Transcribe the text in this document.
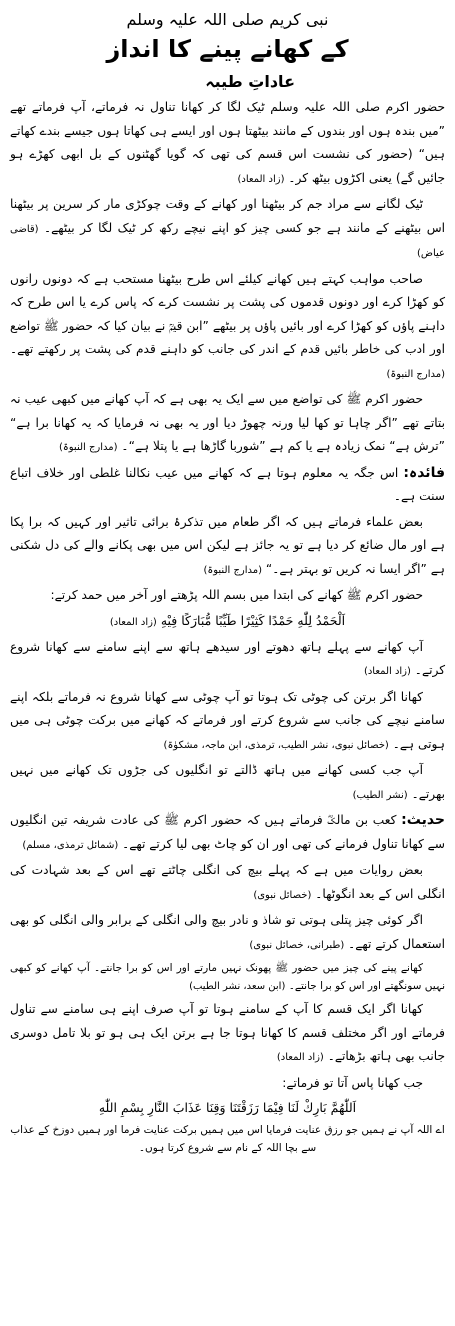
نبی کریم صلی اللہ علیہ وسلم
کے کھانے پینے کا انداز
عاداتِ طیبہ

حضور اکرم صلی اللہ علیہ وسلم ٹیک لگا کر کھانا تناول نہ فرماتے، آپ فرماتے تھے ”میں بندہ ہوں اور بندوں کے مانند بیٹھتا ہوں اور ایسے ہی کھاتا ہوں جیسے بندے کھاتے ہیں“ (حضور کی نشست اس قسم کی تھی کہ گویا گھٹنوں کے بل ابھی کھڑے ہو جائیں گے) یعنی اکڑوں بیٹھ کر۔ (زاد المعاد)

ٹیک لگانے سے مراد جم کر بیٹھنا اور کھانے کے وقت چوکڑی مار کر سرین پر بیٹھنا اس بیٹھنے کے مانند ہے جو کسی چیز کو اپنے نیچے رکھ کر ٹیک لگا کر بیٹھے۔ (قاضی عیاض)

صاحب مواہب کہتے ہیں کھانے کیلئے اس طرح بیٹھنا مستحب ہے کہ دونوں رانوں کو کھڑا کرے اور دونوں قدموں کی پشت پر نشست کرے کہ پاس کرے یا اس طرح کہ داہنے پاؤں کو کھڑا کرے اور بائیں پاؤں پر بیٹھے ”ابن قیمؒ نے بیان کیا کہ حضور ﷺ تواضع اور ادب کی خاطر بائیں قدم کے اندر کی جانب کو داہنے قدم کی پشت پر رکھتے تھے۔ (مدارج النبوۃ)

حضور اکرم ﷺ کی تواضع میں سے ایک یہ بھی ہے کہ آپ کھانے میں کبھی عیب نہ بتاتے تھے ”اگر چاہا تو کھا لیا ورنہ چھوڑ دیا اور یہ بھی نہ فرمایا کہ یہ کھانا برا ہے“ ”ترش ہے“ نمک زیادہ ہے یا کم ہے ”شوربا گاڑھا ہے یا پتلا ہے“۔ (مدارج النبوۃ)

فائدہ: اس جگہ یہ معلوم ہوتا ہے کہ کھانے میں عیب نکالنا غلطی اور خلاف اتباع سنت ہے۔

بعض علماء فرماتے ہیں کہ اگر طعام میں تذکرۂ برائی تاثیر اور کہیں کہ برا پکا ہے اور مال ضائع کر دیا ہے تو یہ جائز ہے لیکن اس میں بھی پکانے والے کی دل شکنی ہے ”اگر ایسا نہ کریں تو بہتر ہے۔“ (مدارج النبوۃ)

حضور اکرم ﷺ کھانے کی ابتدا میں بسم اللہ پڑھتے اور آخر میں حمد کرتے:

اَلْحَمْدُ لِلّٰهِ حَمْدًا كَثِيْرًا طَيِّبًا مُّبَارَكًا فِيْهِ (زاد المعاد)

آپ کھانے سے پہلے ہاتھ دھوتے اور سیدھے ہاتھ سے اپنے سامنے سے کھانا شروع کرتے۔ (زاد المعاد)

کھانا اگر برتن کی چوٹی تک ہوتا تو آپ چوٹی سے کھانا شروع نہ فرماتے بلکہ اپنے سامنے نیچے کی جانب سے شروع کرتے اور فرماتے کہ کھانے میں برکت چوٹی ہی میں ہوتی ہے۔ (خصائل نبوی، نشر الطیب، ترمذی، ابن ماجہ، مشکوٰۃ)

آپ جب کسی کھانے میں ہاتھ ڈالتے تو انگلیوں کی جڑوں تک کھانے میں نہیں بھرتے۔ (نشر الطیب)

حدیث: کعب بن مالکؓ فرماتے ہیں کہ حضور اکرم ﷺ کی عادت شریفہ تین انگلیوں سے کھانا تناول فرمانے کی تھی اور ان کو چاٹ بھی لیا کرتے تھے۔ (شمائل ترمذی، مسلم)

بعض روایات میں ہے کہ پہلے بیچ کی انگلی چاٹتے تھے اس کے بعد شہادت کی انگلی اس کے بعد انگوٹھا۔ (خصائل نبوی)

اگر کوئی چیز پتلی ہوتی تو شاذ و نادر بیچ والی انگلی کے برابر والی انگلی کو بھی استعمال کرتے تھے۔ (طبرانی، خصائل نبوی)

کھانے پینے کی چیز میں حضور ﷺ پھونک نہیں مارتے اور اس کو برا جانتے۔ آپ کھانے کو کبھی نہیں سونگھتے اور اس کو برا جانتے۔ (ابن سعد، نشر الطیب)

کھانا اگر ایک قسم کا آپ کے سامنے ہوتا تو آپ صرف اپنے ہی سامنے سے تناول فرماتے اور اگر مختلف قسم کا کھانا ہوتا جا ہے برتن ایک ہی ہو تو بلا تامل دوسری جانب بھی ہاتھ بڑھاتے۔ (زاد المعاد)

جب کھانا پاس آتا تو فرماتے:

اَللّٰهُمَّ بَارِكْ لَنَا فِيْمَا رَزَقْتَنَا وَقِنَا عَذَابَ النَّارِ بِسْمِ اللّٰهِ
اے اللہ آپ نے ہمیں جو رزق عنایت فرمایا اس میں ہمیں برکت عنایت فرما اور ہمیں دوزخ کے عذاب سے بچا اللہ کے نام سے شروع کرتا ہوں۔
